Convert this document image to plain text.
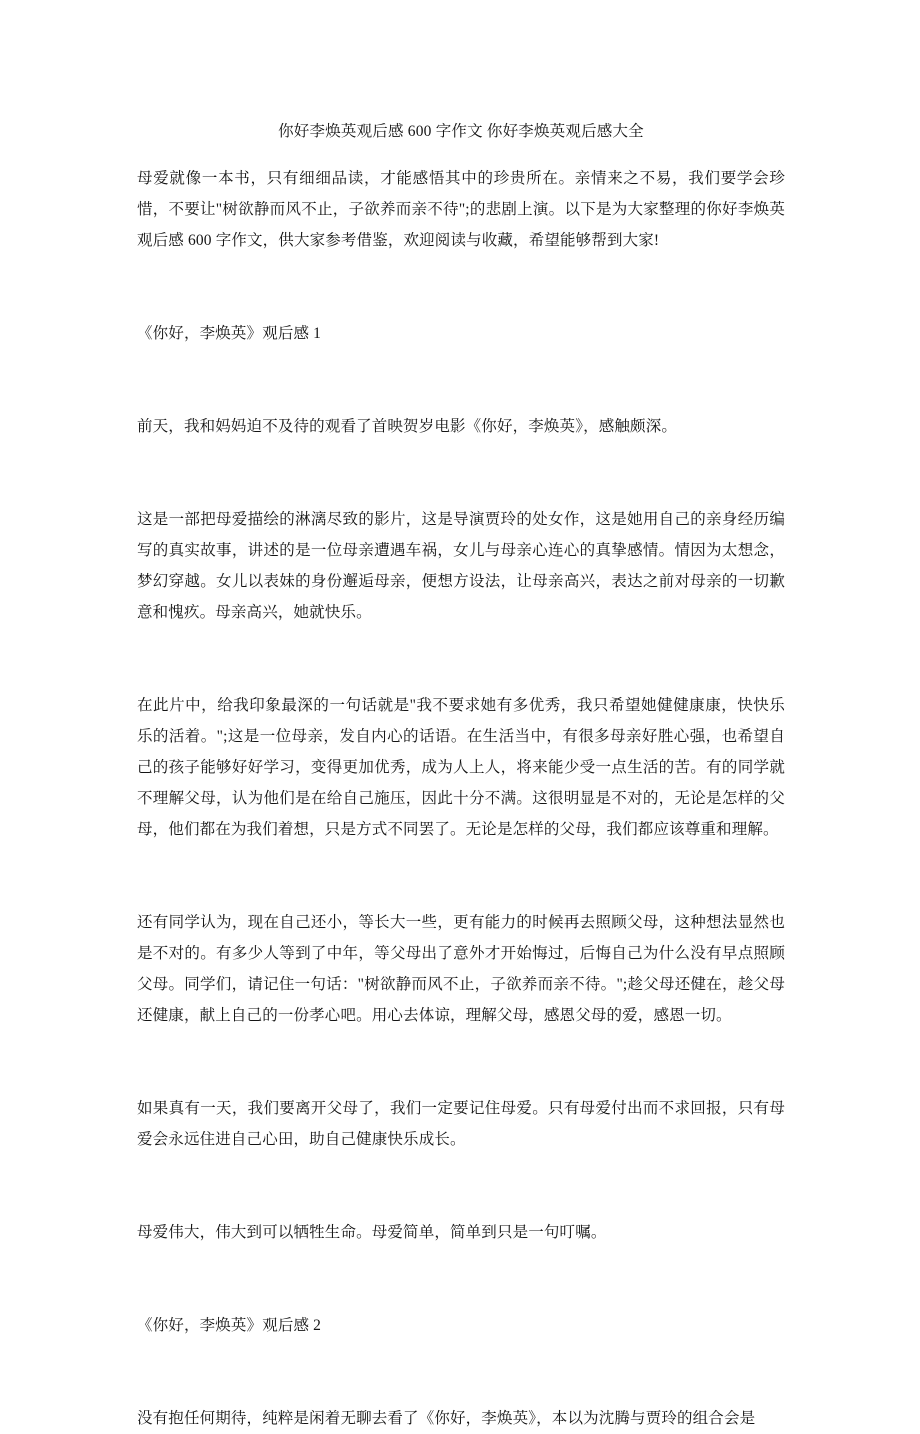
你好李焕英观后感 600 字作文 你好李焕英观后感大全

母爱就像一本书，只有细细品读，才能感悟其中的珍贵所在。亲情来之不易，我们要学会珍惜，不要让"树欲静而风不止，子欲养而亲不待";的悲剧上演。以下是为大家整理的你好李焕英观后感 600 字作文，供大家参考借鉴，欢迎阅读与收藏，希望能够帮到大家!

《你好，李焕英》观后感 1

前天，我和妈妈迫不及待的观看了首映贺岁电影《你好，李焕英》，感触颇深。

这是一部把母爱描绘的淋漓尽致的影片，这是导演贾玲的处女作，这是她用自己的亲身经历编写的真实故事，讲述的是一位母亲遭遇车祸，女儿与母亲心连心的真挚感情。情因为太想念，梦幻穿越。女儿以表妹的身份邂逅母亲，便想方设法，让母亲高兴，表达之前对母亲的一切歉意和愧疚。母亲高兴，她就快乐。

在此片中，给我印象最深的一句话就是"我不要求她有多优秀，我只希望她健健康康，快快乐乐的活着。";这是一位母亲，发自内心的话语。在生活当中，有很多母亲好胜心强，也希望自己的孩子能够好好学习，变得更加优秀，成为人上人，将来能少受一点生活的苦。有的同学就不理解父母，认为他们是在给自己施压，因此十分不满。这很明显是不对的，无论是怎样的父母，他们都在为我们着想，只是方式不同罢了。无论是怎样的父母，我们都应该尊重和理解。

还有同学认为，现在自己还小，等长大一些，更有能力的时候再去照顾父母，这种想法显然也是不对的。有多少人等到了中年，等父母出了意外才开始悔过，后悔自己为什么没有早点照顾父母。同学们，请记住一句话："树欲静而风不止，子欲养而亲不待。";趁父母还健在，趁父母还健康，献上自己的一份孝心吧。用心去体谅，理解父母，感恩父母的爱，感恩一切。

如果真有一天，我们要离开父母了，我们一定要记住母爱。只有母爱付出而不求回报，只有母爱会永远住进自己心田，助自己健康快乐成长。

母爱伟大，伟大到可以牺牲生命。母爱简单，简单到只是一句叮嘱。

《你好，李焕英》观后感 2

没有抱任何期待，纯粹是闲着无聊去看了《你好，李焕英》，本以为沈腾与贾玲的组合会是
